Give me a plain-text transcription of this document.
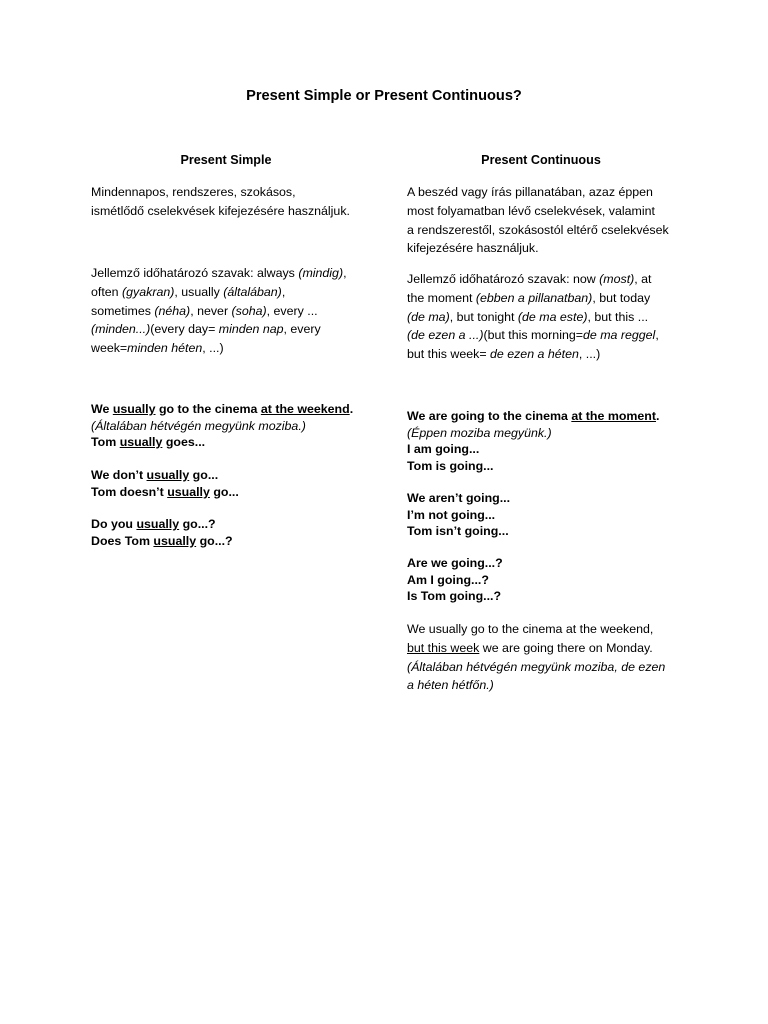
Present Simple or Present Continuous?
Present Simple

Mindennapos, rendszeres, szokásos,

ismétlődő cselekvések kifejezésére használjuk.

Jellemző időhatározó szavak: always (mindig),

often (gyakran), usually (általában),

sometimes (néha), never (soha), every ...

(minden...)(every day= minden nap, every

week=minden héten, ...)

We usually go to the cinema at the weekend.

(Általában hétvégén megyünk moziba.)

Tom usually goes...

We don’t usually go...

Tom doesn’t usually go...

Do you usually go...?

Does Tom usually go...?

Present Continuous

A beszéd vagy írás pillanatában, azaz éppen

most folyamatban lévő cselekvések, valamint

a rendszerestől, szokásostól eltérő cselekvések

kifejezésére használjuk.

Jellemző időhatározó szavak: now (most), at

the moment (ebben a pillanatban), but today

(de ma), but tonight (de ma este), but this ...

(de ezen a ...)(but this morning=de ma reggel,

but this week= de ezen a héten, ...)

We are going to the cinema at the moment.

(Éppen moziba megyünk.)

I am going...

Tom is going...

We aren’t going...

I’m not going...

Tom isn’t going...

Are we going...?

Am I going...?

Is Tom going...?

We usually go to the cinema at the weekend,

but this week we are going there on Monday.

(Általában hétvégén megyünk moziba, de ezen

a héten hétfőn.)
